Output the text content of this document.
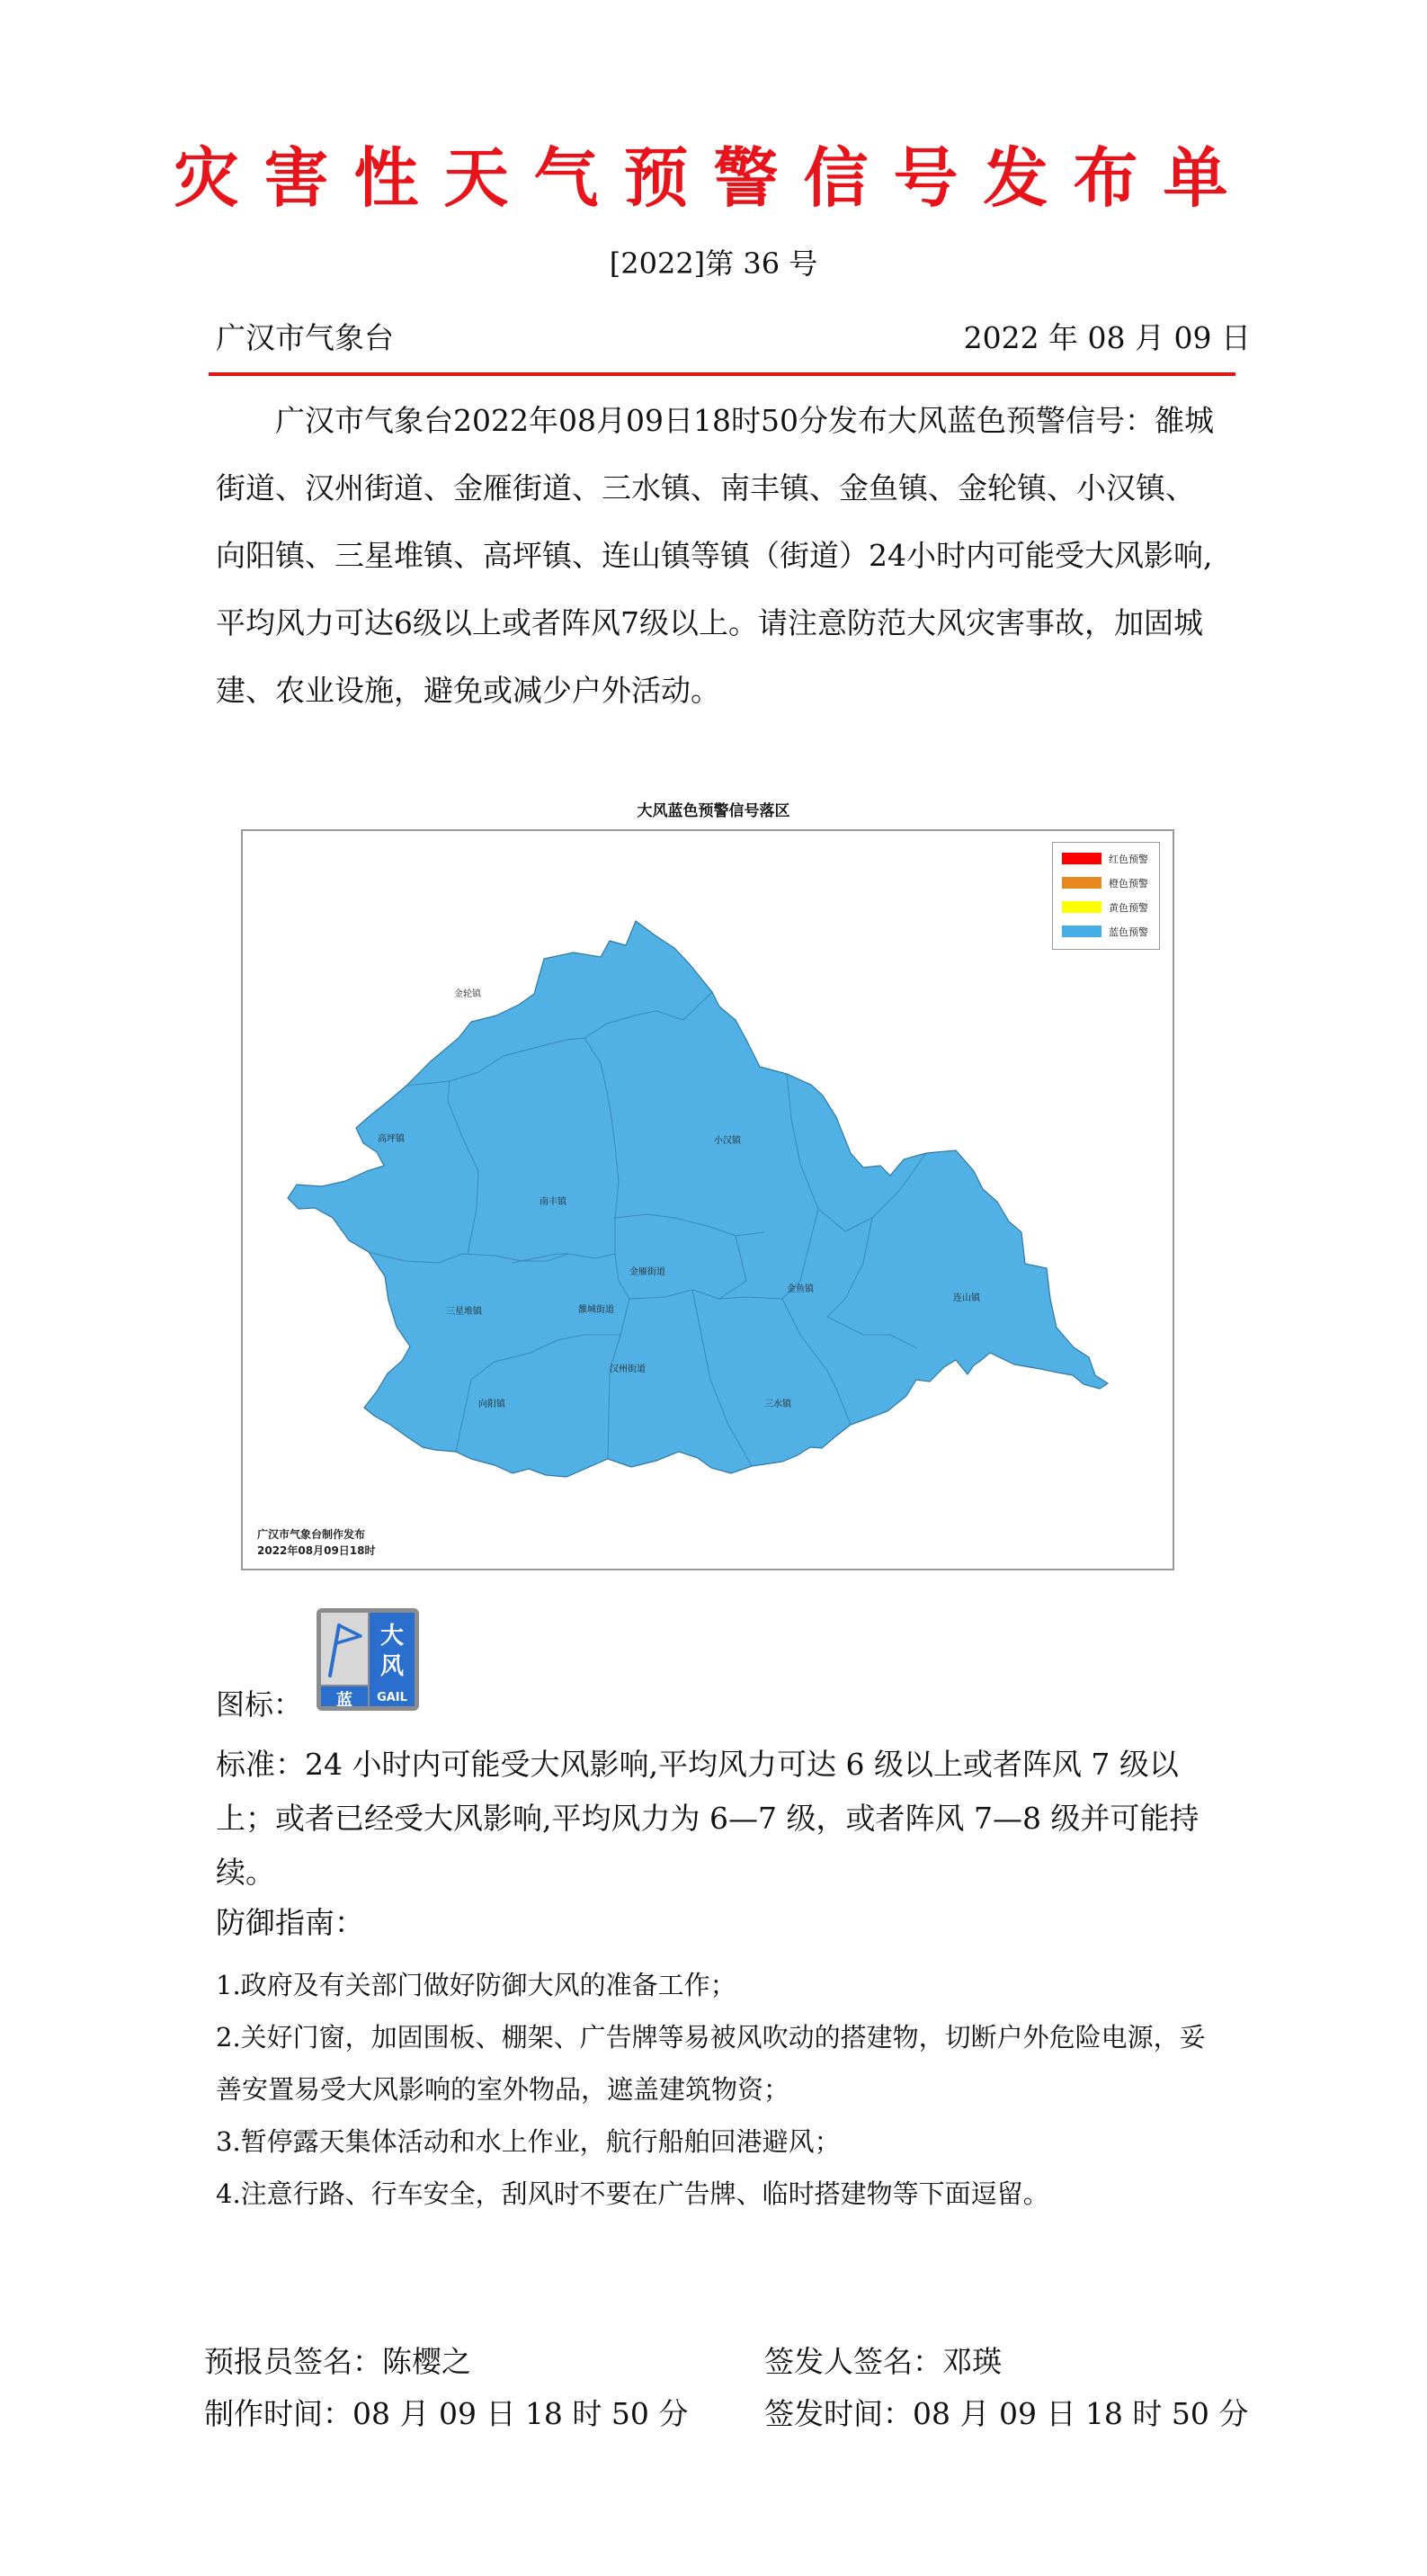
灾害性天气预警信号发布单
[2022]第 36 号
广汉市气象台	2022 年 08 月 09 日
广汉市气象台2022年08月09日18时50分发布大风蓝色预警信号：雒城街道、汉州街道、金雁街道、三水镇、南丰镇、金鱼镇、金轮镇、小汉镇、向阳镇、三星堆镇、高坪镇、连山镇等镇（街道）24小时内可能受大风影响,平均风力可达6级以上或者阵风7级以上。请注意防范大风灾害事故，加固城建、农业设施，避免或减少户外活动。
大风蓝色预警信号落区
金轮镇
高坪镇	小汉镇
南丰镇
金雁街道
三星堆镇	雒城街道
金鱼镇
连山镇
汉州街道
向阳镇	三水镇
红色预警
橙色预警
黄色预警
蓝色预警
广汉市气象台制作发布
2022年08月09日18时
图标：
大
风
蓝	GAIL
标准：24 小时内可能受大风影响,平均风力可达 6 级以上或者阵风 7 级以上；或者已经受大风影响,平均风力为 6—7 级，或者阵风 7—8 级并可能持续。
防御指南：
1.政府及有关部门做好防御大风的准备工作；
2.关好门窗，加固围板、棚架、广告牌等易被风吹动的搭建物，切断户外危险电源，妥善安置易受大风影响的室外物品，遮盖建筑物资；
3.暂停露天集体活动和水上作业，航行船舶回港避风；
4.注意行路、行车安全，刮风时不要在广告牌、临时搭建物等下面逗留。
预报员签名：陈樱之	签发人签名：邓瑛
制作时间：08 月 09 日 18 时 50 分	签发时间：08 月 09 日 18 时 50 分
